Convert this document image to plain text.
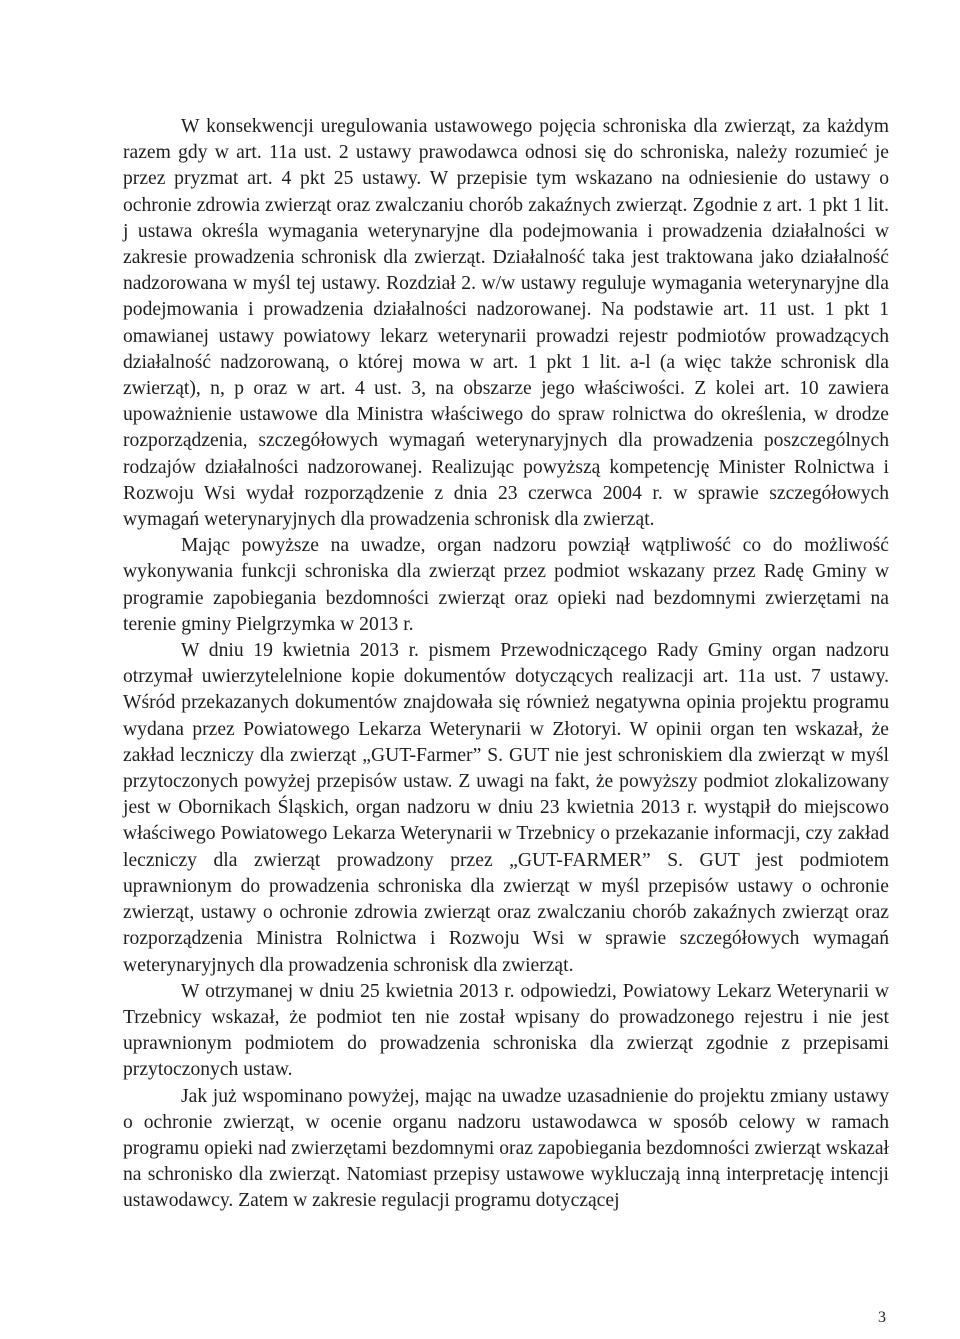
W konsekwencji uregulowania ustawowego pojęcia schroniska dla zwierząt, za każdym razem gdy w art. 11a ust. 2 ustawy prawodawca odnosi się do schroniska, należy rozumieć je przez pryzmat art. 4 pkt 25 ustawy. W przepisie tym wskazano na odniesienie do ustawy o ochronie zdrowia zwierząt oraz zwalczaniu chorób zakaźnych zwierząt. Zgodnie z art. 1 pkt 1 lit. j ustawa określa wymagania weterynaryjne dla podejmowania i prowadzenia działalności w zakresie prowadzenia schronisk dla zwierząt. Działalność taka jest traktowana jako działalność nadzorowana w myśl tej ustawy. Rozdział 2. w/w ustawy reguluje wymagania weterynaryjne dla podejmowania i prowadzenia działalności nadzorowanej. Na podstawie art. 11 ust. 1 pkt 1 omawianej ustawy powiatowy lekarz weterynarii prowadzi rejestr podmiotów prowadzących działalność nadzorowaną, o której mowa w art. 1 pkt 1 lit. a-l (a więc także schronisk dla zwierząt), n, p oraz w art. 4 ust. 3, na obszarze jego właściwości. Z kolei art. 10 zawiera upoważnienie ustawowe dla Ministra właściwego do spraw rolnictwa do określenia, w drodze rozporządzenia, szczegółowych wymagań weterynaryjnych dla prowadzenia poszczególnych rodzajów działalności nadzorowanej. Realizując powyższą kompetencję Minister Rolnictwa i Rozwoju Wsi wydał rozporządzenie z dnia 23 czerwca 2004 r. w sprawie szczegółowych wymagań weterynaryjnych dla prowadzenia schronisk dla zwierząt.

Mając powyższe na uwadze, organ nadzoru powziął wątpliwość co do możliwość wykonywania funkcji schroniska dla zwierząt przez podmiot wskazany przez Radę Gminy w programie zapobiegania bezdomności zwierząt oraz opieki nad bezdomnymi zwierzętami na terenie gminy Pielgrzymka w 2013 r.

W dniu 19 kwietnia 2013 r. pismem Przewodniczącego Rady Gminy organ nadzoru otrzymał uwierzytelelnione kopie dokumentów dotyczących realizacji art. 11a ust. 7 ustawy. Wśród przekazanych dokumentów znajdowała się również negatywna opinia projektu programu wydana przez Powiatowego Lekarza Weterynarii w Złotoryi. W opinii organ ten wskazał, że zakład leczniczy dla zwierząt „GUT-Farmer” S. GUT nie jest schroniskiem dla zwierząt w myśl przytoczonych powyżej przepisów ustaw. Z uwagi na fakt, że powyższy podmiot zlokalizowany jest w Obornikach Śląskich, organ nadzoru w dniu 23 kwietnia 2013 r. wystąpił do miejscowo właściwego Powiatowego Lekarza Weterynarii w Trzebnicy o przekazanie informacji, czy zakład leczniczy dla zwierząt prowadzony przez „GUT-FARMER” S. GUT jest podmiotem uprawnionym do prowadzenia schroniska dla zwierząt w myśl przepisów ustawy o ochronie zwierząt, ustawy o ochronie zdrowia zwierząt oraz zwalczaniu chorób zakaźnych zwierząt oraz rozporządzenia Ministra Rolnictwa i Rozwoju Wsi w sprawie szczegółowych wymagań weterynaryjnych dla prowadzenia schronisk dla zwierząt.

W otrzymanej w dniu 25 kwietnia 2013 r. odpowiedzi, Powiatowy Lekarz Weterynarii w Trzebnicy wskazał, że podmiot ten nie został wpisany do prowadzonego rejestru i nie jest uprawnionym podmiotem do prowadzenia schroniska dla zwierząt zgodnie z przepisami przytoczonych ustaw.

Jak już wspominano powyżej, mając na uwadze uzasadnienie do projektu zmiany ustawy o ochronie zwierząt, w ocenie organu nadzoru ustawodawca w sposób celowy w ramach programu opieki nad zwierzętami bezdomnymi oraz zapobiegania bezdomności zwierząt wskazał na schronisko dla zwierząt. Natomiast przepisy ustawowe wykluczają inną interpretację intencji ustawodawcy. Zatem w zakresie regulacji programu dotyczącej

3
